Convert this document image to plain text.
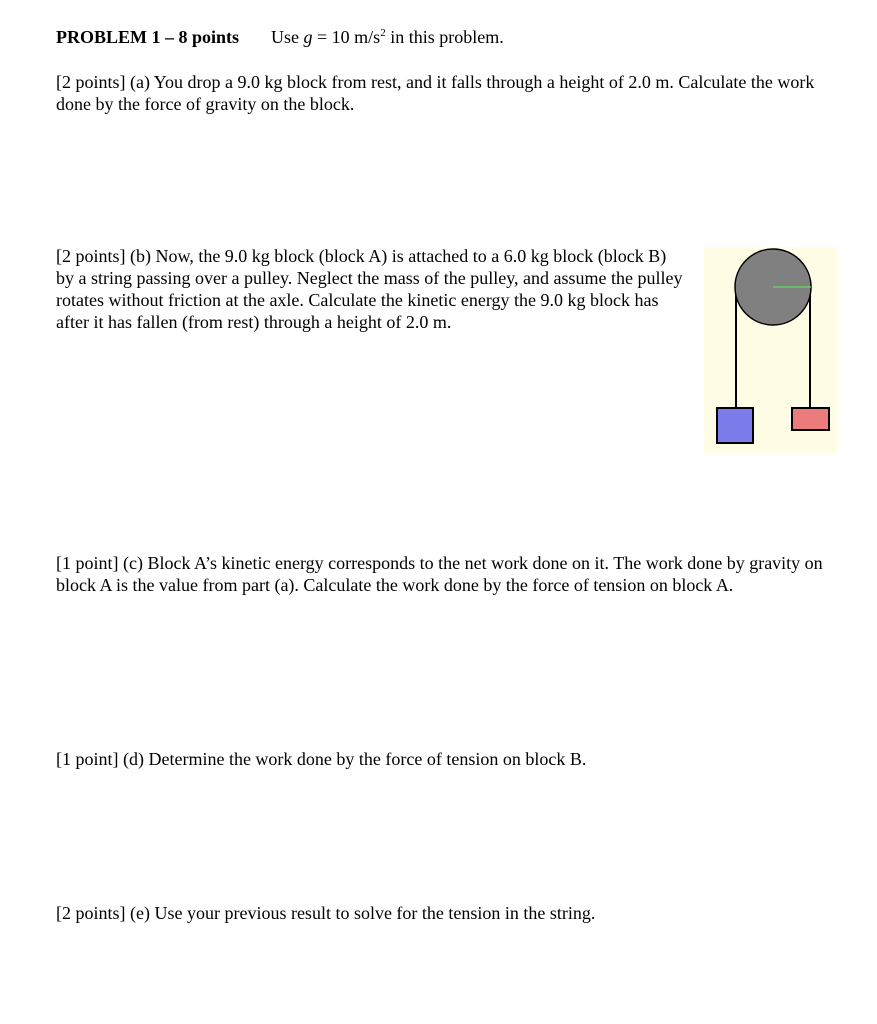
PROBLEM 1 – 8 points Use g = 10 $m/s^2$ in this problem.
[2 points] (a) You drop a 9.0 kg block from rest, and it falls through a height of 2.0 m. Calculate the work done by the force of gravity on the block.
[2 points] (b) Now, the 9.0 kg block (block A) is attached to a 6.0 kg block (block B) by a string passing over a pulley. Neglect the mass of the pulley, and assume the pulley rotates without friction at the axle. Calculate the kinetic energy the 9.0 kg block has after it has fallen (from rest) through a height of 2.0 m.
[1 point] (c) Block A’s kinetic energy corresponds to the net work done on it. The work done by gravity on block A is the value from part (a). Calculate the work done by the force of tension on block A.
[1 point] (d) Determine the work done by the force of tension on block B.
[2 points] (e) Use your previous result to solve for the tension in the string.
